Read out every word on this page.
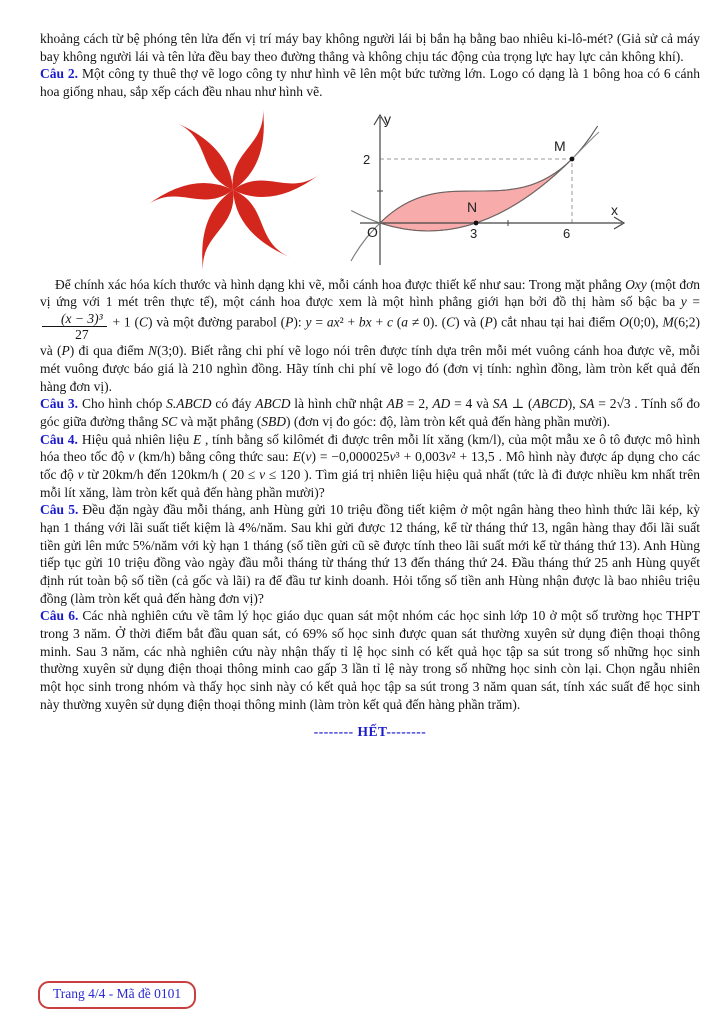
khoảng cách từ bệ phóng tên lửa đến vị trí máy bay không người lái bị bắn hạ bằng bao nhiêu ki-lô-mét? (Giả sử cả máy bay không người lái và tên lửa đều bay theo đường thẳng và không chịu tác động của trọng lực hay lực cản không khí).

Câu 2. Một công ty thuê thợ vẽ logo công ty như hình vẽ lên một bức tường lớn. Logo có dạng là 1 bông hoa có 6 cánh hoa giống nhau, sắp xếp cách đều nhau như hình vẽ.

y
x
O
2
3	6
M
N

Để chính xác hóa kích thước và hình dạng khi vẽ, mỗi cánh hoa được thiết kế như sau: Trong mặt phẳng Oxy (một đơn vị ứng với 1 mét trên thực tế), một cánh hoa được xem là một hình phẳng giới hạn bởi đồ thị hàm số bậc ba y =
$\frac{\text{(x − 3)³}}{27} + 1$ (C) và một đường parabol (P): y = ax² + bx + c (a ≠ 0). (C) và (P) cắt nhau tại hai điểm O(0;0), M(6;2) và (P) đi qua điểm N(3;0). Biết rằng chi phí vẽ logo nói trên được tính dựa trên mỗi mét vuông cánh hoa được vẽ, mỗi mét vuông được báo giá là 210 nghìn đồng. Hãy tính chi phí vẽ logo đó (đơn vị tính: nghìn đồng, làm tròn kết quả đến hàng đơn vị).

Câu 3. Cho hình chóp S.ABCD có đáy ABCD là hình chữ nhật AB = 2, AD = 4 và SA ⊥ (ABCD), SA = 2√3 . Tính số đo góc giữa đường thẳng SC và mặt phẳng (SBD) (đơn vị đo góc: độ, làm tròn kết quả đến hàng phần mười).

Câu 4. Hiệu quả nhiên liệu E , tính bằng số kilômét đi được trên mỗi lít xăng (km/l), của một mẫu xe ô tô được mô hình hóa theo tốc độ v (km/h) bằng công thức sau: E(v) = −0,000025v³ + 0,003v² + 13,5 . Mô hình này được áp dụng cho các tốc độ v từ 20km/h đến 120km/h ( 20 ≤ v ≤ 120 ). Tìm giá trị nhiên liệu hiệu quả nhất (tức là đi được nhiều km nhất trên mỗi lít xăng, làm tròn kết quả đến hàng phần mười)?

Câu 5. Đều đặn ngày đầu mỗi tháng, anh Hùng gửi 10 triệu đồng tiết kiệm ở một ngân hàng theo hình thức lãi kép, kỳ hạn 1 tháng với lãi suất tiết kiệm là 4%/năm. Sau khi gửi được 12 tháng, kể từ tháng thứ 13, ngân hàng thay đổi lãi suất tiền gửi lên mức 5%/năm với kỳ hạn 1 tháng (số tiền gửi cũ sẽ được tính theo lãi suất mới kể từ tháng thứ 13). Anh Hùng tiếp tục gửi 10 triệu đồng vào ngày đầu mỗi tháng từ tháng thứ 13 đến tháng thứ 24. Đầu tháng thứ 25 anh Hùng quyết định rút toàn bộ số tiền (cả gốc và lãi) ra để đầu tư kinh doanh. Hỏi tổng số tiền anh Hùng nhận được là bao nhiêu triệu đồng (làm tròn kết quả đến hàng đơn vị)?

Câu 6. Các nhà nghiên cứu về tâm lý học giáo dục quan sát một nhóm các học sinh lớp 10 ở một số trường học THPT trong 3 năm. Ở thời điểm bắt đầu quan sát, có 69% số học sinh được quan sát thường xuyên sử dụng điện thoại thông minh. Sau 3 năm, các nhà nghiên cứu này nhận thấy tỉ lệ học sinh có kết quả học tập sa sút trong số những học sinh thường xuyên sử dụng điện thoại thông minh cao gấp 3 lần tỉ lệ này trong số những học sinh còn lại. Chọn ngẫu nhiên một học sinh trong nhóm và thấy học sinh này có kết quả học tập sa sút trong 3 năm quan sát, tính xác suất để học sinh này thường xuyên sử dụng điện thoại thông minh (làm tròn kết quả đến hàng phần trăm).

-------- HẾT--------

Trang 4/4 - Mã đề 0101
